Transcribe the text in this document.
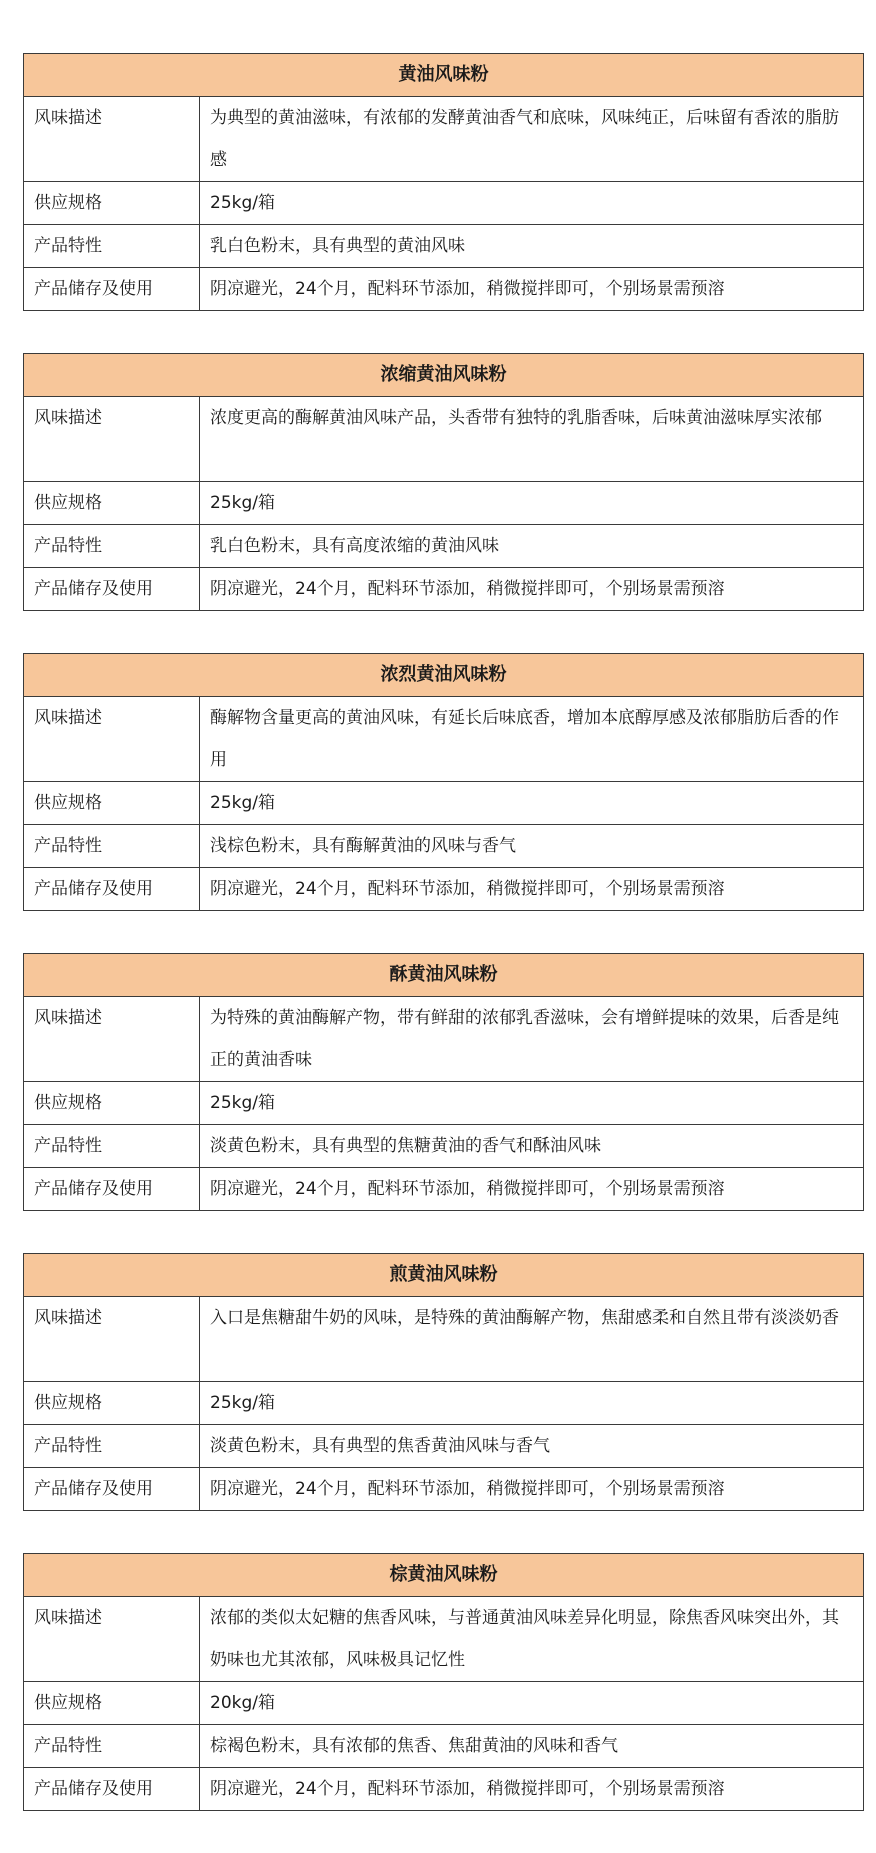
黄油风味粉	
风味描述	为典型的黄油滋味，有浓郁的发酵黄油香气和底味，风味纯正，后味留有香浓的脂肪感
供应规格	25kg/箱
产品特性	乳白色粉末，具有典型的黄油风味
产品储存及使用	阴凉避光，24个月，配料环节添加，稍微搅拌即可，个别场景需预溶
浓缩黄油风味粉	
风味描述	浓度更高的酶解黄油风味产品，头香带有独特的乳脂香味，后味黄油滋味厚实浓郁
供应规格	25kg/箱
产品特性	乳白色粉末，具有高度浓缩的黄油风味
产品储存及使用	阴凉避光，24个月，配料环节添加，稍微搅拌即可，个别场景需预溶
浓烈黄油风味粉	
风味描述	酶解物含量更高的黄油风味，有延长后味底香，增加本底醇厚感及浓郁脂肪后香的作用
供应规格	25kg/箱
产品特性	浅棕色粉末，具有酶解黄油的风味与香气
产品储存及使用	阴凉避光，24个月，配料环节添加，稍微搅拌即可，个别场景需预溶
酥黄油风味粉	
风味描述	为特殊的黄油酶解产物，带有鲜甜的浓郁乳香滋味，会有增鲜提味的效果，后香是纯正的黄油香味
供应规格	25kg/箱
产品特性	淡黄色粉末，具有典型的焦糖黄油的香气和酥油风味
产品储存及使用	阴凉避光，24个月，配料环节添加，稍微搅拌即可，个别场景需预溶
煎黄油风味粉	
风味描述	入口是焦糖甜牛奶的风味，是特殊的黄油酶解产物，焦甜感柔和自然且带有淡淡奶香
供应规格	25kg/箱
产品特性	淡黄色粉末，具有典型的焦香黄油风味与香气
产品储存及使用	阴凉避光，24个月，配料环节添加，稍微搅拌即可，个别场景需预溶
棕黄油风味粉	
风味描述	浓郁的类似太妃糖的焦香风味，与普通黄油风味差异化明显，除焦香风味突出外，其奶味也尤其浓郁，风味极具记忆性
供应规格	20kg/箱
产品特性	棕褐色粉末，具有浓郁的焦香、焦甜黄油的风味和香气
产品储存及使用	阴凉避光，24个月，配料环节添加，稍微搅拌即可，个别场景需预溶
